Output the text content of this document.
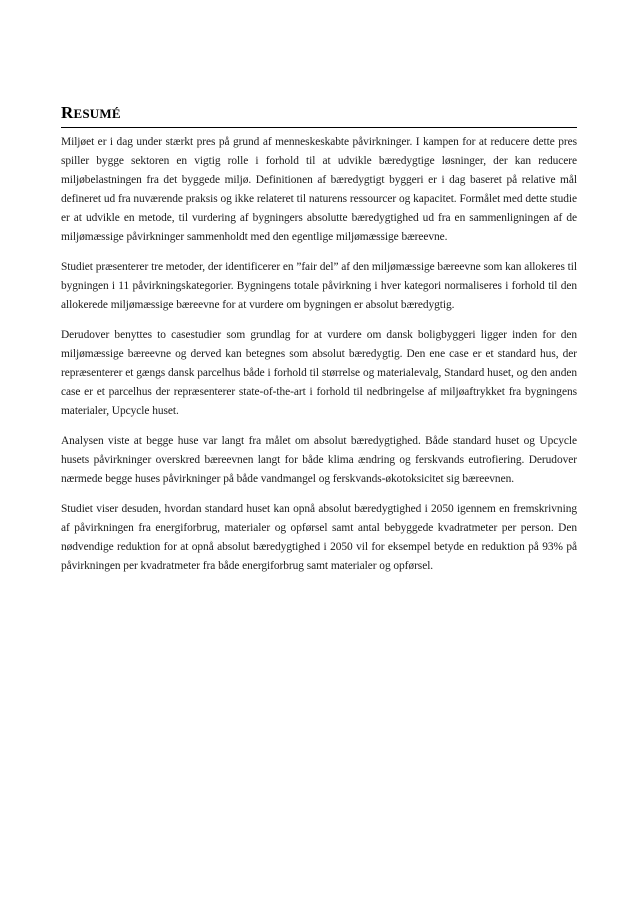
RESUMÉ

Miljøet er i dag under stærkt pres på grund af menneskeskabte påvirkninger. I kampen for at reducere dette pres spiller bygge sektoren en vigtig rolle i forhold til at udvikle bæredygtige løsninger, der kan reducere miljøbelastningen fra det byggede miljø. Definitionen af bæredygtigt byggeri er i dag baseret på relative mål defineret ud fra nuværende praksis og ikke relateret til naturens ressourcer og kapacitet. Formålet med dette studie er at udvikle en metode, til vurdering af bygningers absolutte bæredygtighed ud fra en sammenligningen af de miljømæssige påvirkninger sammenholdt med den egentlige miljømæssige bæreevne.

Studiet præsenterer tre metoder, der identificerer en ”fair del” af den miljømæssige bæreevne som kan allokeres til bygningen i 11 påvirkningskategorier. Bygningens totale påvirkning i hver kategori normaliseres i forhold til den allokerede miljømæssige bæreevne for at vurdere om bygningen er absolut bæredygtig.

Derudover benyttes to casestudier som grundlag for at vurdere om dansk boligbyggeri ligger inden for den miljømæssige bæreevne og derved kan betegnes som absolut bæredygtig. Den ene case er et standard hus, der repræsenterer et gængs dansk parcelhus både i forhold til størrelse og materialevalg, Standard huset, og den anden case er et parcelhus der repræsenterer state-of-the-art i forhold til nedbringelse af miljøaftrykket fra bygningens materialer, Upcycle huset.

Analysen viste at begge huse var langt fra målet om absolut bæredygtighed. Både standard huset og Upcycle husets påvirkninger overskred bæreevnen langt for både klima ændring og ferskvands eutrofiering. Derudover nærmede begge huses påvirkninger på både vandmangel og ferskvands-økotoksicitet sig bæreevnen.

Studiet viser desuden, hvordan standard huset kan opnå absolut bæredygtighed i 2050 igennem en fremskrivning af påvirkningen fra energiforbrug, materialer og opførsel samt antal bebyggede kvadratmeter per person. Den nødvendige reduktion for at opnå absolut bæredygtighed i 2050 vil for eksempel betyde en reduktion på 93% på påvirkningen per kvadratmeter fra både energiforbrug samt materialer og opførsel.
